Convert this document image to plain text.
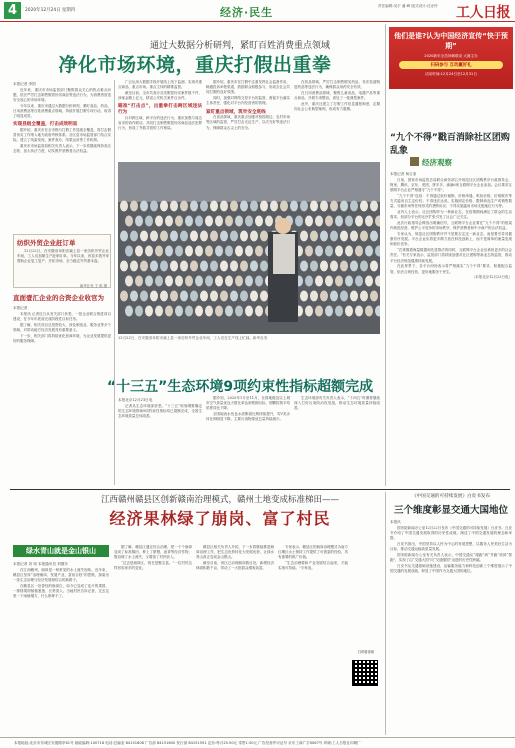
4	2020年12月24日 星期四	经济·民生	责任编辑:吴宇 潘 峰 版式设计:沈亦伶	工人日报
通过大数据分析研判，紧盯百姓消费重点领域
净化市场环境，重庆打假出重拳

本报记者 李国

近年来，重庆市市场监管部门聚焦群众关心的热点难点问题，依法严厉打击制售假冒伪劣商品等违法行为，为消费者营造安全放心的市场环境。

今年以来，重庆市通过大数据分析研判，紧盯食品、药品、日用消费品等百姓消费重点领域，持续开展打假专项行动，取得了明显成效。

实现县级全覆盖，打击成效明显

据介绍，重庆市在全市推行打假工作县级全覆盖，将打击假冒伪劣工作纳入地方政府考核体系。各区县市场监管部门结合实际，建立了线索发现、案件查办、结果运用等工作机制。

重庆市市场监管局相关负责人表示，下一步将继续保持高压态势，加大执法力度，切实维护消费者合法权益。

广泛运用大数据手段开展线上线下监测，实现对重点商品、重点市场、重点主体的精准监管。

截至目前，全市共查办各类假冒伪劣案件数千件，涉案金额上亿元，移送公安机关案件百余件。

瞄准“打击点”，出重拳打击跨区域违法行为

针对跨区域、跨平台的违法行为，重庆加强与周边省市的协作联动，共同打击制售假冒伪劣商品违法犯罪行为，形成了齐抓共管的工作格局。

据介绍，重庆市在打假中注重发挥社会监督作用，畅通投诉举报渠道，鼓励群众积极参与，形成全社会共同打假的良好氛围。

同时，加强对网络交易平台的监管，督促平台落实主体责任，强化对平台内经营者的管理。

紧盯重点领域，筑牢安全底线

在食品领域，重庆重点加强对校园周边、农村市场等区域的监管，严厉打击无证生产、以次充好等违法行为，保障群众舌尖上的安全。

在药品领域，严厉打击制售假劣药品、非法渠道购进药品等违法行为，确保群众用药安全有效。

在日用消费品领域，聚焦儿童用品、电器产品等重点商品，开展专项整治，查处了一批典型案件。

此外，重庆还建立了打假工作信息通报制度，定期向社会公布典型案例，形成有力震慑。

纺织外贸企业赶订单

12月22日，在安徽省阜阳市颍上县一家纺织外贸企业车间，工人们加紧生产赶制订单。今年以来，该县多措并举帮助企业复工复产、开拓市场，全力稳定外贸基本盘。

新华社发 王 彪 摄
直面壹汇企业的合资企业收官为

本报记者

本报讯 记者近日从有关部门获悉，一批企业联合推进项目建设，在今年年底前完成阶段性目标任务。

据了解，相关项目总投资较大，涉及制造业、服务业等多个领域，对带动地方经济发展具有重要意义。

下一步，相关部门将持续优化营商环境，为企业发展提供更好的服务保障。

12月22日，在安徽省阜阳市颍上县一家纺织外贸企业车间，工人们在生产线上忙碌。新华社发
“十三五”生态环境9项约束性指标超额完成

本报北京12月23日电

记者从生态环境部获悉，“十三五”规划纲要确定的生态环境领域9项约束性指标均已超额完成，全国生态环境质量总体改善。

据介绍，2020年1月至11月，全国地级及以上城市空气质量优良天数比率达到预期目标，细颗粒物平均浓度同比下降。

全国地表水优良水质断面比例持续提升，劣Ⅴ类水体比例明显下降，主要污染物排放总量持续减少。

生态环境部有关负责人表示，“十四五”时期将继续深入打好污染防治攻坚战，推动生态环境质量持续改善。

他们是谁?认为中国经济宣传“快于预期”
2020新年全员冲刺联动 大赛主办
扫码参与 互动赢好礼
活动时间:12月24日至12月31日
“九个不得”戳百消除社区团购乱象
经济观察

本报记者 杨召奎

日前，国家市场监管总局联合商务部召开规范社区团购秩序行政指导会，阿里、腾讯、京东、美团、拼多多、滴滴6家互联网平台企业参加。会议要求互联网平台企业严格遵守“九个不得”。

“九个不得”包括：不得通过低价倾销、价格串通、哄抬价格、价格欺诈等方式滥用自主定价权；不得违法达成、实施固定价格、限制商品生产或销售数量、分割市场等任何形式的垄断协议；不得实施滥用市场支配地位行为等。

业内人士表示，社区团购作为一种新业态，在疫情期间满足了群众的生活需求，但部分平台的无序扩张引发了社会广泛关注。

此次行政指导会释放出明确信号，互联网平台企业要在“九个不得”的框架内规范经营，维护公平竞争的市场秩序，保护消费者和中小商户的合法权益。

专家认为，规范社区团购秩序并不是要否定这一新业态，而是要引导其健康有序发展。平台企业应将更多精力放在科技创新上，而不是简单的流量变现和低价竞争。

“在掌握着海量数据和先进算法的同时，互联网平台企业应承担更多的社会责任。”有关专家表示，监管部门将持续加强对社区团购等新业态的监管，推动平台经济规范健康持续发展。

在此背景下，各平台纷纷表示将严格落实“九个不得”要求，积极配合监管，依法合规经营，更好地服务于民生。

（本报北京12月23日电）

江西赣州赣县区创新赣南治理模式，赣州土地变成标准梯田——
经济果林绿了崩岗、富了村民
绿水青山就是金山银山

本报记者 刘 颂 本报通讯员 刘继东

在江西赣州，崩岗是一种常见的水土流失现象。近年来，赣县区坚持“治理崩岗、发展产业、富裕百姓”的思路，探索出一条生态治理与经济发展相结合的新路子。

在赣县区一处曾经的崩岗区，如今已变成了连片的果园，一排排果树郁郁葱葱，长势喜人。当地村民告诉记者，过去这里一下雨就塌方，什么都种不了。

据了解，赣县区通过综合治理，把一个个崩岗变成了标准梯田，种上了脐橙、油茶等经济作物，既治理了水土流失，又增加了村民收入。

“过去是崩岗区，现在是聚宝盆。”一位村民这样形容家乡的变化。

赣县区相关负责人介绍，下一步将继续推进崩岗治理工作，把生态优势转化为发展优势，让绿水青山真正变成金山银山。

截至目前，该区已治理崩岗数百处，新增经济林面积数千亩，带动了一大批群众增收致富。

专家表示，赣县区的崩岗治理模式为南方红壤区水土保持工作提供了可借鉴的经验，具有重要的推广价值。

“生态治理要和产业发展结合起来，才能实现可持续。”专家说。

扫码看视频
《中国交通的可持续发展》白皮书发布
三个维度彰显交通大国地位

本报讯

国务院新闻办公室12月22日发布《中国交通的可持续发展》白皮书。白皮书介绍了中国交通发展取得的历史性成就，阐述了中国交通发展的理念和举措。

白皮书指出，中国坚持以人民为中心的发展思想，以服务人民美好生活为目标，推动交通运输高质量发展。

国务院新闻办公室有关负责人表示，中国交通从“跟跑”到“并跑”再到“领跑”，实现了由“交通大国”向“交通强国”迈进的历史性跨越。

白皮书从交通基础设施建设、运输服务能力和科技创新三个维度展示了中国交通的发展成就，彰显了中国作为交通大国的地位。

本报地址:北京市东城区安德路甲61号 邮政编码:100718 电话:总编室 84151608 广告部 84151600 发行部 84151591 定价:每月25.50元 零售1.50元 广告经营许可证号 京东工商广字0067号 印刷:工人日报社印刷厂
